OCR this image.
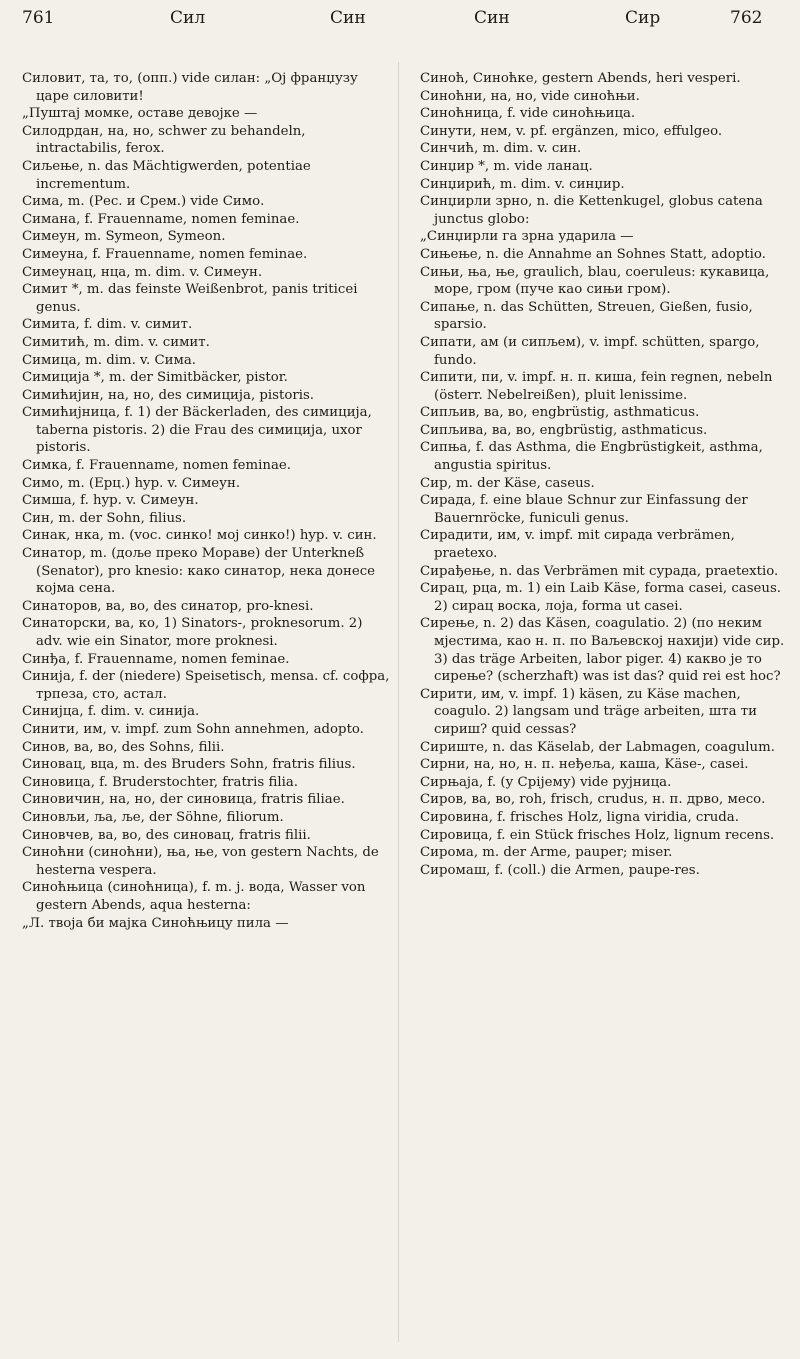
761	Сил	Син	Син	Сир	762

Силовит, тa, то, (опп.) vide силан: „Oj франџузу царе силовити!

„Пуштај момке, оставе девојке —

Силодрдан, на, но, schwer zu behandeln, intractabilis, ferox.

Сиљење, n. das Mächtigwerden, potentiae incrementum.

Сима, m. (Рес. и Срем.) vide Симо.

Симана, f. Frauenname, nomen feminae.

Симеун, m. Symeon, Symeon.

Симеуна, f. Frauenname, nomen feminae.

Симеунац, нца, m. dim. v. Симеун.

Симит *, m. das feinste Weißenbrot, panis triticei genus.

Симита, f. dim. v. симит.

Симитић, m. dim. v. симит.

Симица, m. dim. v. Сима.

Симиција *, m. der Simitbäcker, pistor.

Симићијин, на, но, des симиција, pistoris.

Симићијница, f. 1) der Bäckerladen, des симиција, taberna pistoris. 2) die Frau des симиција, uxor pistoris.

Симка, f. Frauenname, nomen feminae.

Симо, m. (Ерц.) hyp. v. Симеун.

Симша, f. hyp. v. Симеун.

Син, m. der Sohn, filius.

Синак, нка, m. (voc. синко! мој синко!) hyp. v. син.

Синатор, m. (доље преко Мораве) der Unterkneß (Senator), pro knesio: како синатор, нека донесе којма сена.

Синаторов, ва, во, des синатор, pro-knesi.

Синаторски, ва, ко, 1) Sinators-, proknesorum. 2) adv. wie ein Sinator, more proknesi.

Синђа, f. Frauenname, nomen feminae.

Синија, f. der (niedere) Speisetisch, mensa. cf. софра, трпеза, сто, астал.

Синијца, f. dim. v. синија.

Синити, им, v. impf. zum Sohn annehmen, adopto.

Синов, ва, во, des Sohns, filii.

Синовац, вца, m. des Bruders Sohn, fratris filius.

Синовица, f. Bruderstochter, fratris filia.

Синовичин, на, но, der синовица, fratris filiae.

Синовљи, ља, ље, der Söhne, filiorum.

Синовчев, ва, во, des синовац, fratris filii.

Синоћни (синоћни), ња, ње, von gestern Nachts, de hesterna vespera.

Синоћњица (синоћница), f. m. j. вода, Wasser von gestern Abends, aqua hesterna:

„Л. твоја би мајка Синоћњицу пила —

Синоћ, Синоћке, gestern Abends, heri vesperi.

Синоћни, на, но, vide синоћњи.

Синоћница, f. vide синоћњица.

Синути, нем, v. pf. ergänzen, mico, effulgeo.

Синчић, m. dim. v. син.

Синџир *, m. vide ланац.

Синџирић, m. dim. v. синџир.

Синџирли зрно, n. die Kettenkugel, globus catena junctus globo:

„Синџирли га зрна ударила —

Сињење, n. die Annahme an Sohnes Statt, adoptio.

Сињи, ња, ње, graulich, blau, coeruleus: кукавица, море, гром (пуче као сињи гром).

Сипање, n. das Schütten, Streuen, Gießen, fusio, sparsio.

Сипати, ам (и сипљем), v. impf. schütten, spargo, fundo.

Сипити, пи, v. impf. н. п. киша, fein regnen, nebeln (österr. Nebelreißen), pluit lenissime.

Сипљив, ва, во, engbrüstig, asthmaticus.

Сипљива, ва, во, engbrüstig, asthmaticus.

Сипња, f. das Asthma, die Engbrüstigkeit, asthma, angustia spiritus.

Сир, m. der Käse, caseus.

Сирада, f. eine blaue Schnur zur Einfassung der Bauernröcke, funiculi genus.

Сирадити, им, v. impf. mit сирада verbrämen, praetexo.

Сирађење, n. das Verbrämen mit сурада, praetextio.

Сирац, рца, m. 1) ein Laib Käse, forma casei, caseus. 2) сирац воска, лоја, forma ut casei.

Сирење, n. 2) das Käsen, coagulatio. 2) (по неким мјестима, као н. п. по Ваљевској нахији) vide сир. 3) das träge Arbeiten, labor piger. 4) какво је то сирење? (scherzhaft) was ist das? quid rei est hoc?

Сирити, им, v. impf. 1) käsen, zu Käse machen, coagulo. 2) langsam und träge arbeiten, шта ти сириш? quid cessas?

Сириште, n. das Käselab, der Labmagen, coagulum.

Сирни, на, но, н. п. неђеља, каша, Käse-, casei.

Сирњаја, f. (у Срijему) vide рујница.

Сиров, ва, во, roh, frisch, crudus, н. п. дрво, месо.

Сировина, f. frisches Holz, ligna viridia, cruda.

Сировица, f. ein Stück frisches Holz, lignum recens.

Сирома, m. der Arme, pauper; miser.

Сиромаш, f. (coll.) die Armen, paupe-res.
